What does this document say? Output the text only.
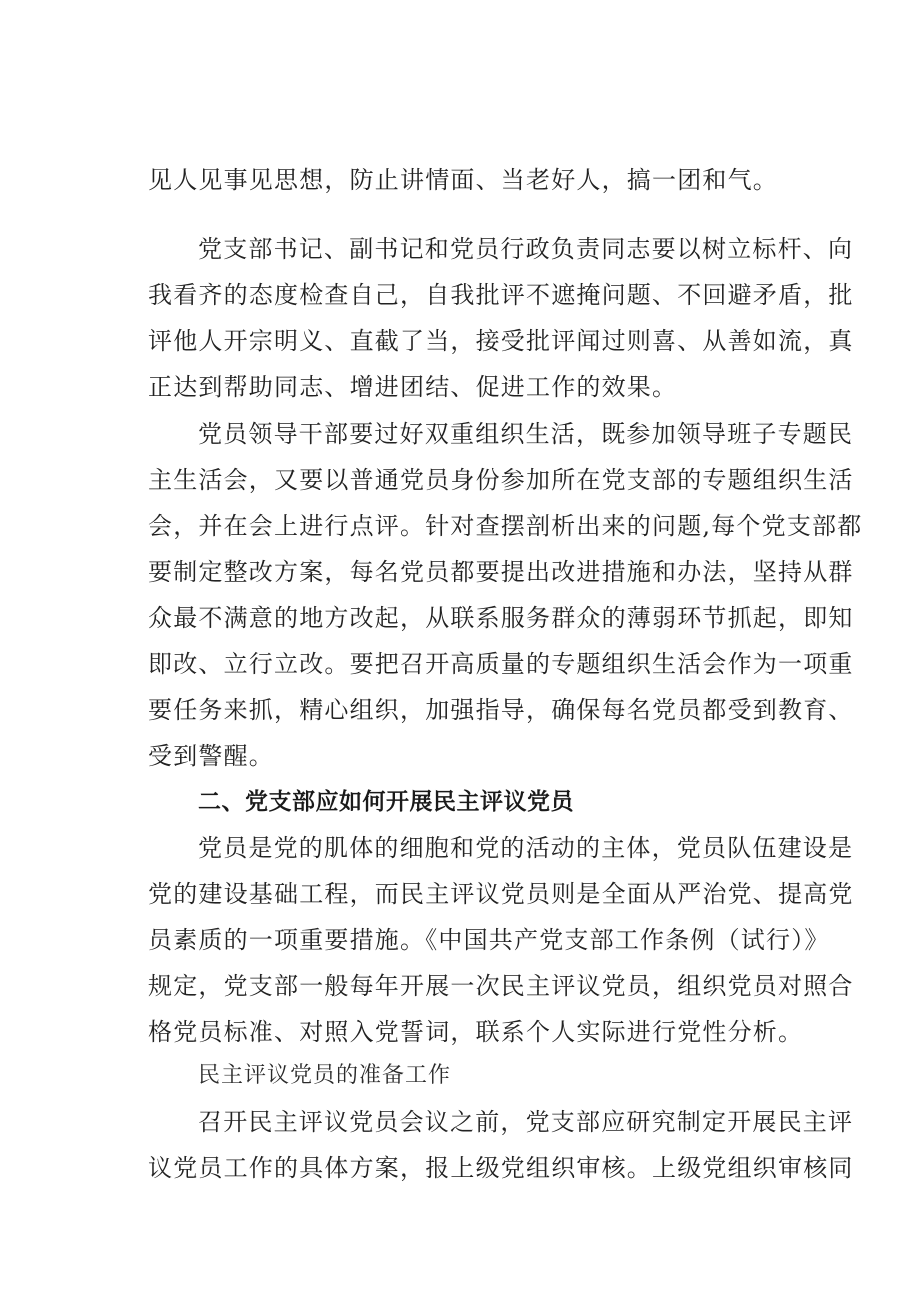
见人见事见思想，防止讲情面、当老好人，搞一团和气。
党支部书记、副书记和党员行政负责同志要以树立标杆、向
我看齐的态度检查自己，自我批评不遮掩问题、不回避矛盾，批
评他人开宗明义、直截了当，接受批评闻过则喜、从善如流，真
正达到帮助同志、增进团结、促进工作的效果。
党员领导干部要过好双重组织生活，既参加领导班子专题民
主生活会，又要以普通党员身份参加所在党支部的专题组织生活
会，并在会上进行点评。针对查摆剖析出来的问题,每个党支部都
要制定整改方案，每名党员都要提出改进措施和办法，坚持从群
众最不满意的地方改起，从联系服务群众的薄弱环节抓起，即知
即改、立行立改。要把召开高质量的专题组织生活会作为一项重
要任务来抓，精心组织，加强指导，确保每名党员都受到教育、
受到警醒。
二、党支部应如何开展民主评议党员
党员是党的肌体的细胞和党的活动的主体，党员队伍建设是
党的建设基础工程，而民主评议党员则是全面从严治党、提高党
员素质的一项重要措施。《中国共产党支部工作条例（试行）》
规定，党支部一般每年开展一次民主评议党员，组织党员对照合
格党员标准、对照入党誓词，联系个人实际进行党性分析。
民主评议党员的准备工作
召开民主评议党员会议之前，党支部应研究制定开展民主评
议党员工作的具体方案，报上级党组织审核。上级党组织审核同
